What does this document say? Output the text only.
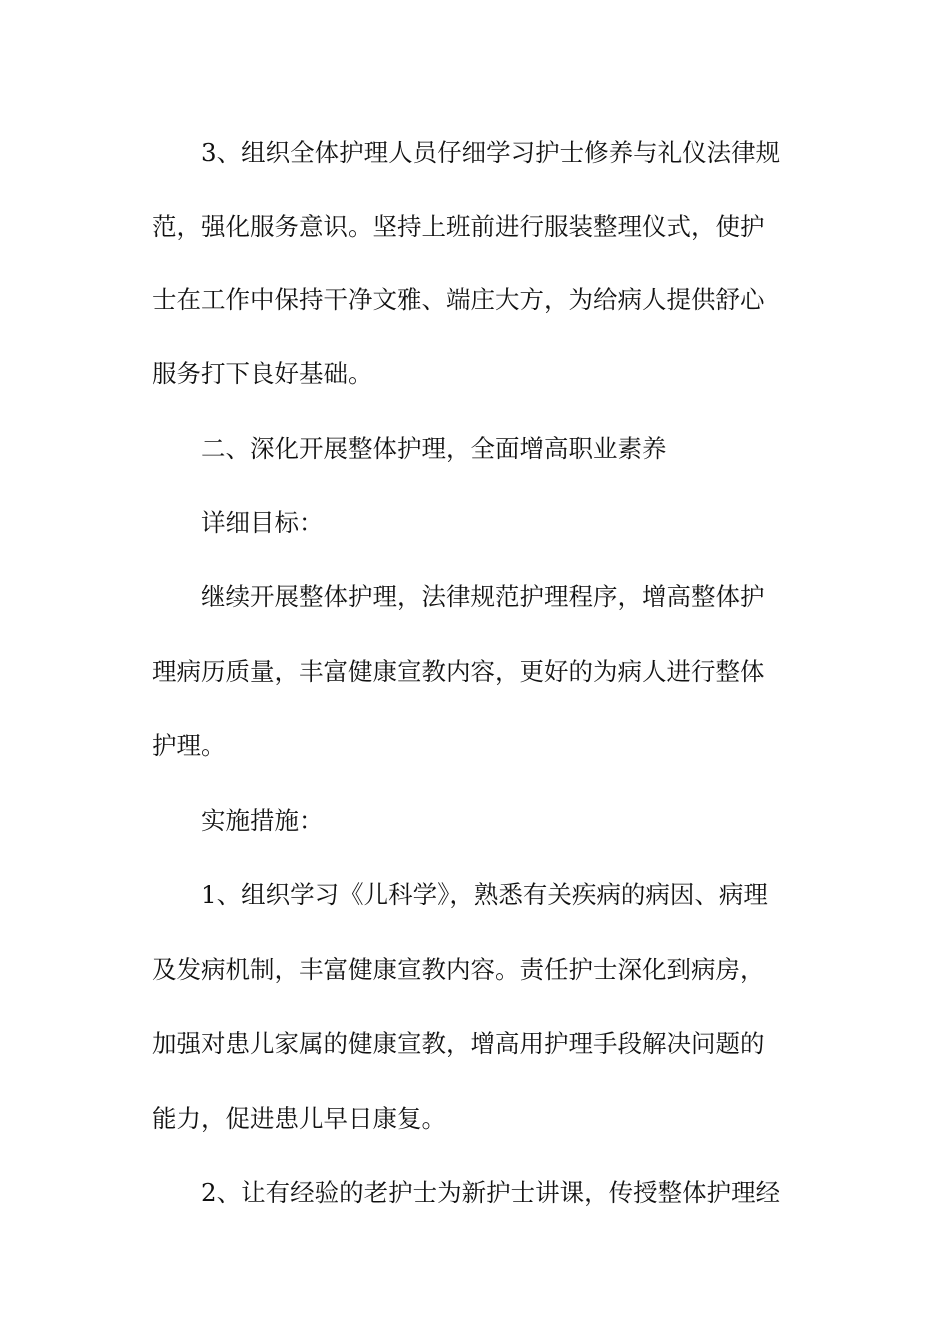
3、组织全体护理人员仔细学习护士修养与礼仪法律规
范，强化服务意识。坚持上班前进行服装整理仪式，使护
士在工作中保持干净文雅、端庄大方，为给病人提供舒心
服务打下良好基础。
二、深化开展整体护理，全面增高职业素养
详细目标：
继续开展整体护理，法律规范护理程序，增高整体护
理病历质量，丰富健康宣教内容，更好的为病人进行整体
护理。
实施措施：
1、组织学习《儿科学》，熟悉有关疾病的病因、病理
及发病机制，丰富健康宣教内容。责任护士深化到病房，
加强对患儿家属的健康宣教，增高用护理手段解决问题的
能力，促进患儿早日康复。
2、让有经验的老护士为新护士讲课，传授整体护理经
